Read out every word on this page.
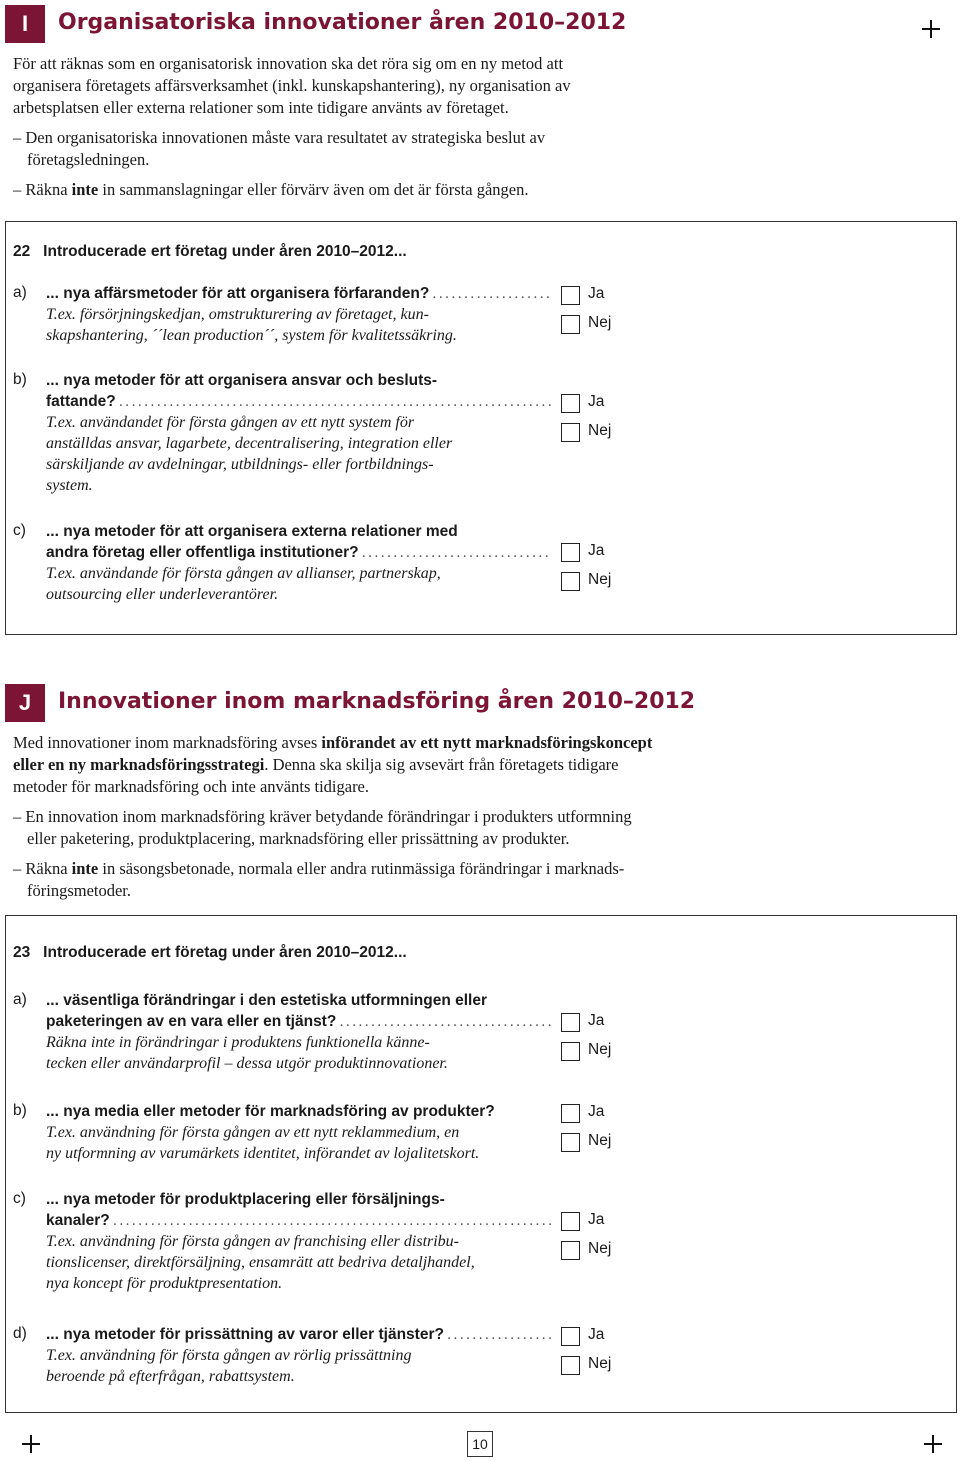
I	Organisatoriska innovationer åren 2010–2012

För att räknas som en organisatorisk innovation ska det röra sig om en ny metod att

organisera företagets affärsverksamhet (inkl. kunskapshantering), ny organisation av

arbetsplatsen eller externa relationer som inte tidigare använts av företaget.

– Den organisatoriska innovationen måste vara resultatet av strategiska beslut av
företagsledningen.

– Räkna inte in sammanslagningar eller förvärv även om det är första gången.

22 Introducerade ert företag under åren 2010–2012...
a) ... nya affärsmetoder för att organisera förfaranden?
.....
T.ex. försörjningskedjan, omstrukturering av företaget, kun-
skapshantering, ´´lean production´´, system för kvalitetssäkring.
Ja
Nej
b) ... nya metoder för att organisera ansvar och besluts-
fattande?
.....
T.ex. användandet för första gången av ett nytt system för
anställdas ansvar, lagarbete, decentralisering, integration eller
särskiljande av avdelningar, utbildnings- eller fortbildnings-
system.
Ja
Nej
c) ... nya metoder för att organisera externa relationer med
andra företag eller offentliga institutioner?
.....
T.ex. användande för första gången av allianser, partnerskap,
outsourcing eller underleverantörer.
Ja
Nej
J	Innovationer inom marknadsföring åren 2010–2012

Med innovationer inom marknadsföring avses införandet av ett nytt marknadsföringskoncept

eller en ny marknadsföringsstrategi. Denna ska skilja sig avsevärt från företagets tidigare

metoder för marknadsföring och inte använts tidigare.

– En innovation inom marknadsföring kräver betydande förändringar i produkters utformning
eller paketering, produktplacering, marknadsföring eller prissättning av produkter.

– Räkna inte in säsongsbetonade, normala eller andra rutinmässiga förändringar i marknads-
föringsmetoder.

23 Introducerade ert företag under åren 2010–2012...
a) ... väsentliga förändringar i den estetiska utformningen eller
paketeringen av en vara eller en tjänst?
.....
Räkna inte in förändringar i produktens funktionella känne-
tecken eller användarprofil – dessa utgör produktinnovationer.
Ja
Nej
b) ... nya media eller metoder för marknadsföring av produkter?
T.ex. användning för första gången av ett nytt reklammedium, en
ny utformning av varumärkets identitet, införandet av lojalitetskort.
Ja
Nej
c) ... nya metoder för produktplacering eller försäljnings-
kanaler?
.....
T.ex. användning för första gången av franchising eller distribu-
tionslicenser, direktförsäljning, ensamrätt att bedriva detaljhandel,
nya koncept för produktpresentation.
Ja
Nej
d) ... nya metoder för prissättning av varor eller tjänster?
.....
T.ex. användning för första gången av rörlig prissättning
beroende på efterfrågan, rabattsystem.
Ja
Nej
10
